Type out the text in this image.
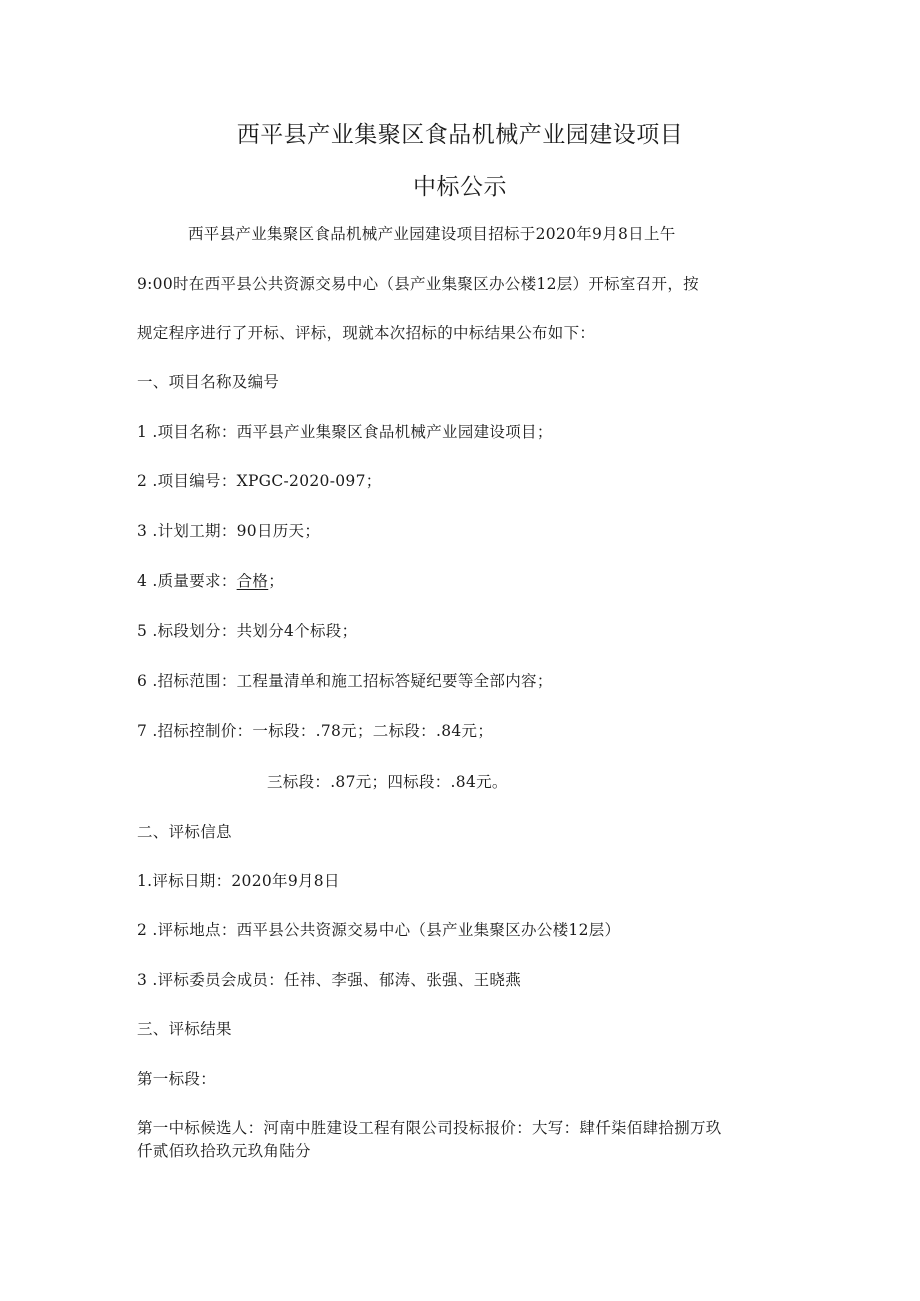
西平县产业集聚区食品机械产业园建设项目
中标公示
西平县产业集聚区食品机械产业园建设项目招标于2020年9月8日上午
9:00时在西平县公共资源交易中心（县产业集聚区办公楼12层）开标室召开，按
规定程序进行了开标、评标，现就本次招标的中标结果公布如下：
一、项目名称及编号
1 .项目名称：西平县产业集聚区食品机械产业园建设项目；
2 .项目编号：XPGC-2020-097；
3 .计划工期：90日历天；
4 .质量要求：合格；
5 .标段划分：共划分4个标段；
6 .招标范围：工程量清单和施工招标答疑纪要等全部内容；
7 .招标控制价：一标段：.78元；二标段：.84元；
三标段：.87元；四标段：.84元。
二、评标信息
1.评标日期：2020年9月8日
2 .评标地点：西平县公共资源交易中心（县产业集聚区办公楼12层）
3 .评标委员会成员：任祎、李强、郁涛、张强、王晓燕
三、评标结果
第一标段：
第一中标候选人：河南中胜建设工程有限公司投标报价：大写：肆仟柒佰肆拾捌万玖
仟贰佰玖拾玖元玖角陆分
